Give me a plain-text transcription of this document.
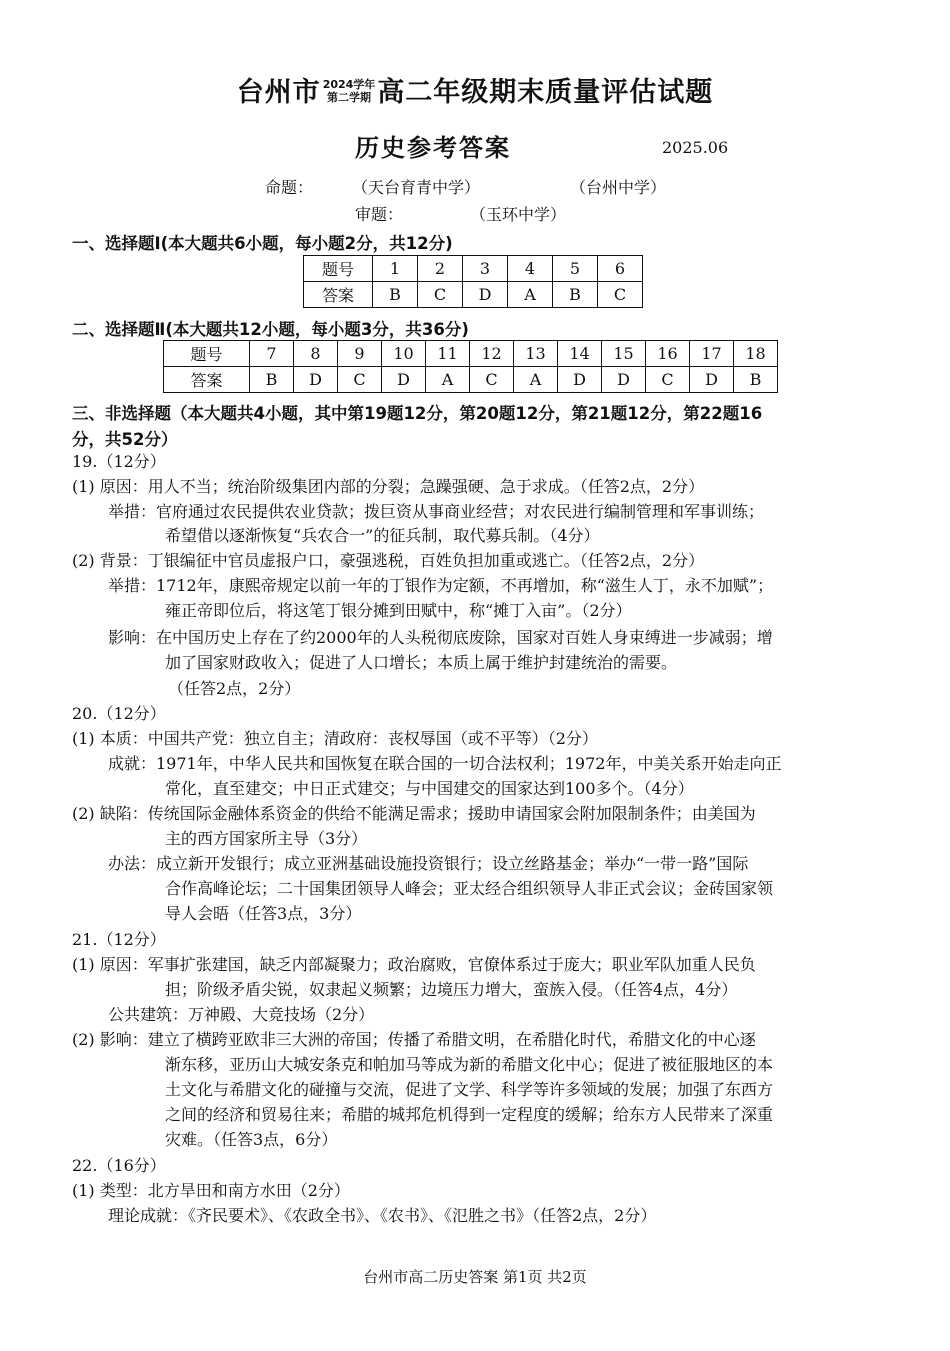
台州市 2024学年
第二学期 高二年级期末质量评估试题
历史参考答案	2025.06
命题： （天台育青中学）	（台州中学）
审题：	（玉环中学）
一、选择题Ⅰ(本大题共6小题，每小题2分，共12分)
题号	1	2	3	4	5	6
答案	B	C	D	A	B	C
二、选择题Ⅱ(本大题共12小题，每小题3分，共36分)
题号	7	8	9	10	11	12	13	14	15	16	17	18
答案	B	D	C	D	A	C	A	D	D	C	D	B
三、非选择题（本大题共4小题，其中第19题12分，第20题12分，第21题12分，第22题16
分，共52分）
19.（12分）
(1) 原因：用人不当；统治阶级集团内部的分裂；急躁强硬、急于求成。（任答2点，2分）
举措：官府通过农民提供农业贷款；拨巨资从事商业经营；对农民进行编制管理和军事训练；
希望借以逐渐恢复“兵农合一”的征兵制，取代募兵制。（4分）
(2) 背景：丁银编征中官员虚报户口，豪强逃税，百姓负担加重或逃亡。（任答2点，2分）
举措：1712年，康熙帝规定以前一年的丁银作为定额，不再增加，称“滋生人丁，永不加赋”；
雍正帝即位后，将这笔丁银分摊到田赋中，称“摊丁入亩”。（2分）
影响：在中国历史上存在了约2000年的人头税彻底废除，国家对百姓人身束缚进一步减弱；增
加了国家财政收入；促进了人口增长；本质上属于维护封建统治的需要。
（任答2点，2分）
20.（12分）
(1) 本质：中国共产党：独立自主；清政府：丧权辱国（或不平等）（2分）
成就：1971年，中华人民共和国恢复在联合国的一切合法权利；1972年，中美关系开始走向正
常化，直至建交；中日正式建交；与中国建交的国家达到100多个。（4分）
(2) 缺陷：传统国际金融体系资金的供给不能满足需求；援助申请国家会附加限制条件；由美国为
主的西方国家所主导（3分）
办法：成立新开发银行；成立亚洲基础设施投资银行；设立丝路基金；举办“一带一路”国际
合作高峰论坛；二十国集团领导人峰会；亚太经合组织领导人非正式会议；金砖国家领
导人会晤（任答3点，3分）
21.（12分）
(1) 原因：军事扩张建国，缺乏内部凝聚力；政治腐败，官僚体系过于庞大；职业军队加重人民负
担；阶级矛盾尖锐，奴隶起义频繁；边境压力增大，蛮族入侵。（任答4点，4分）
公共建筑：万神殿、大竞技场（2分）
(2) 影响：建立了横跨亚欧非三大洲的帝国；传播了希腊文明，在希腊化时代，希腊文化的中心逐
渐东移，亚历山大城安条克和帕加马等成为新的希腊文化中心；促进了被征服地区的本
土文化与希腊文化的碰撞与交流，促进了文学、科学等许多领域的发展；加强了东西方
之间的经济和贸易往来；希腊的城邦危机得到一定程度的缓解；给东方人民带来了深重
灾难。（任答3点，6分）
22.（16分）
(1) 类型：北方旱田和南方水田（2分）
理论成就：《齐民要术》、《农政全书》、《农书》、《氾胜之书》（任答2点，2分）
台州市高二历史答案 第1页 共2页
